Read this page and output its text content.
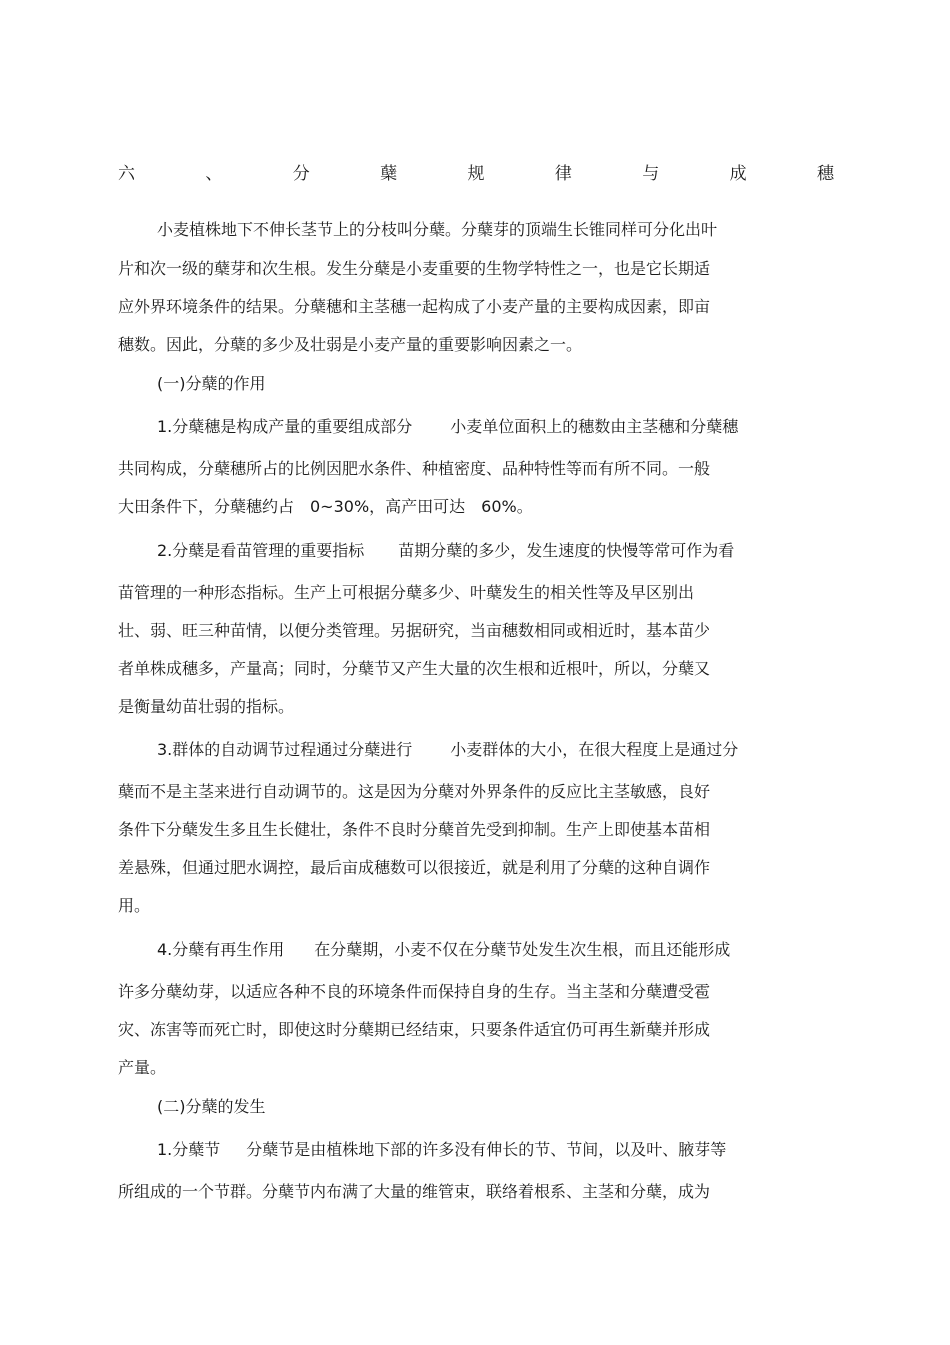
六	、	分	蘖	规	律	与	成	穗
小麦植株地下不伸长茎节上的分枝叫分蘖。分蘖芽的顶端生长锥同样可分化出叶
片和次一级的蘖芽和次生根。发生分蘖是小麦重要的生物学特性之一，也是它长期适
应外界环境条件的结果。分蘖穗和主茎穗一起构成了小麦产量的主要构成因素，即亩
穗数。因此，分蘖的多少及壮弱是小麦产量的重要影响因素之一。
(一)分蘖的作用
1.分蘖穗是构成产量的重要组成部分 小麦单位面积上的穗数由主茎穗和分蘖穗
共同构成，分蘖穗所占的比例因肥水条件、种植密度、品种特性等而有所不同。一般
大田条件下，分蘖穗约占　0~30%，高产田可达　60%。
2.分蘖是看苗管理的重要指标 苗期分蘖的多少，发生速度的快慢等常可作为看
苗管理的一种形态指标。生产上可根据分蘖多少、叶蘖发生的相关性等及早区别出
壮、弱、旺三种苗情，以便分类管理。另据研究，当亩穗数相同或相近时，基本苗少
者单株成穗多，产量高；同时，分蘖节又产生大量的次生根和近根叶，所以，分蘖又
是衡量幼苗壮弱的指标。
3.群体的自动调节过程通过分蘖进行 小麦群体的大小，在很大程度上是通过分
蘖而不是主茎来进行自动调节的。这是因为分蘖对外界条件的反应比主茎敏感，良好
条件下分蘖发生多且生长健壮，条件不良时分蘖首先受到抑制。生产上即使基本苗相
差悬殊，但通过肥水调控，最后亩成穗数可以很接近，就是利用了分蘖的这种自调作
用。
4.分蘖有再生作用 在分蘖期，小麦不仅在分蘖节处发生次生根，而且还能形成
许多分蘖幼芽，以适应各种不良的环境条件而保持自身的生存。当主茎和分蘖遭受雹
灾、冻害等而死亡时，即使这时分蘖期已经结束，只要条件适宜仍可再生新蘖并形成
产量。
(二)分蘖的发生
1.分蘖节 分蘖节是由植株地下部的许多没有伸长的节、节间，以及叶、腋芽等
所组成的一个节群。分蘖节内布满了大量的维管束，联络着根系、主茎和分蘖，成为
